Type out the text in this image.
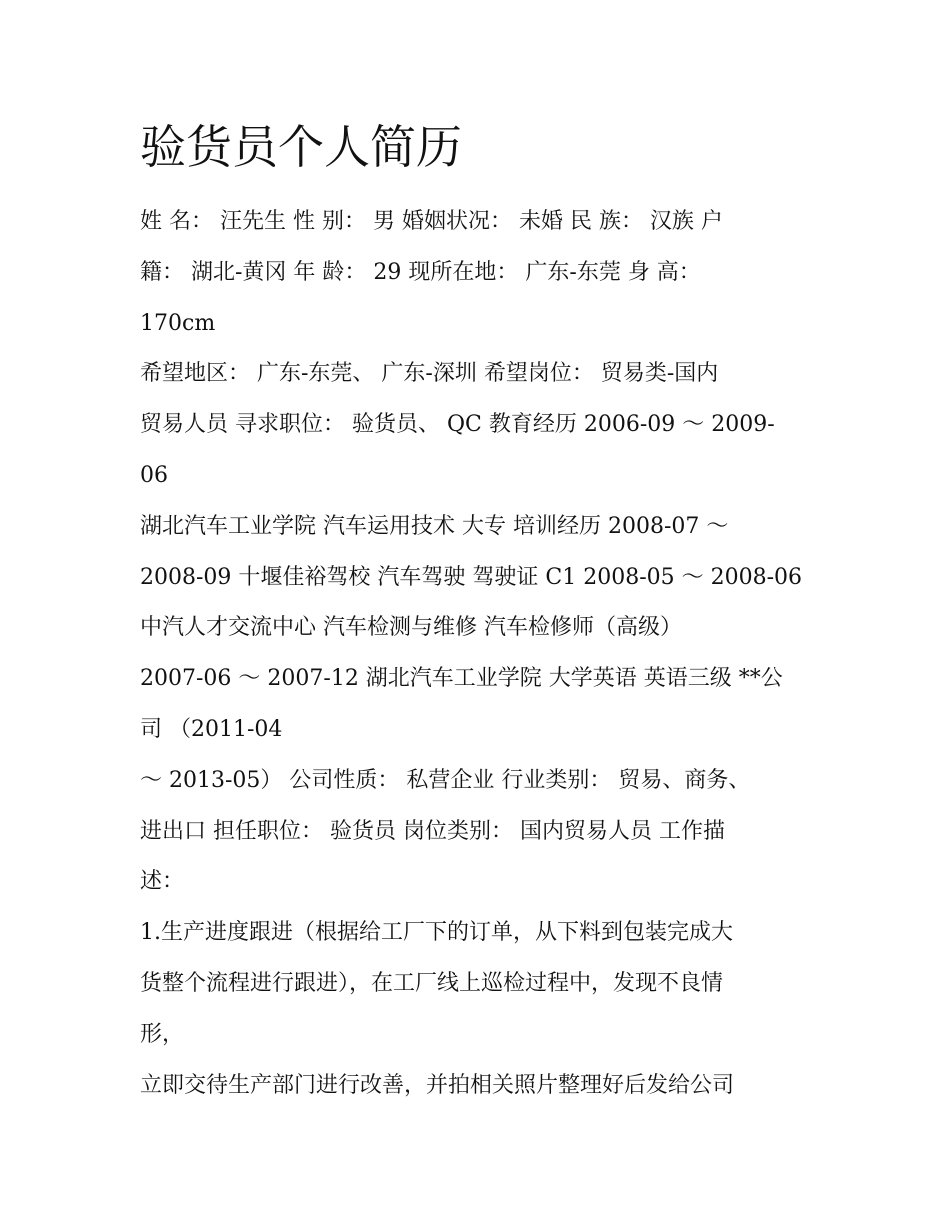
验货员个人简历
姓 名： 汪先生 性 别： 男 婚姻状况： 未婚 民 族： 汉族 户
籍： 湖北-黄冈 年 龄： 29 现所在地： 广东-东莞 身 高：
170cm
希望地区： 广东-东莞、 广东-深圳 希望岗位： 贸易类-国内
贸易人员 寻求职位： 验货员、 QC 教育经历 2006-09 ～ 2009-
06
湖北汽车工业学院 汽车运用技术 大专 培训经历 2008-07 ～
2008-09 十堰佳裕驾校 汽车驾驶 驾驶证 C1 2008-05 ～ 2008-06
中汽人才交流中心 汽车检测与维修 汽车检修师（高级）
2007-06 ～ 2007-12 湖北汽车工业学院 大学英语 英语三级 **公
司 （2011-04
～ 2013-05） 公司性质： 私营企业 行业类别： 贸易、商务、
进出口 担任职位： 验货员 岗位类别： 国内贸易人员 工作描
述：
1.生产进度跟进（根据给工厂下的订单，从下料到包装完成大
货整个流程进行跟进），在工厂线上巡检过程中，发现不良情
形，
立即交待生产部门进行改善，并拍相关照片整理好后发给公司
